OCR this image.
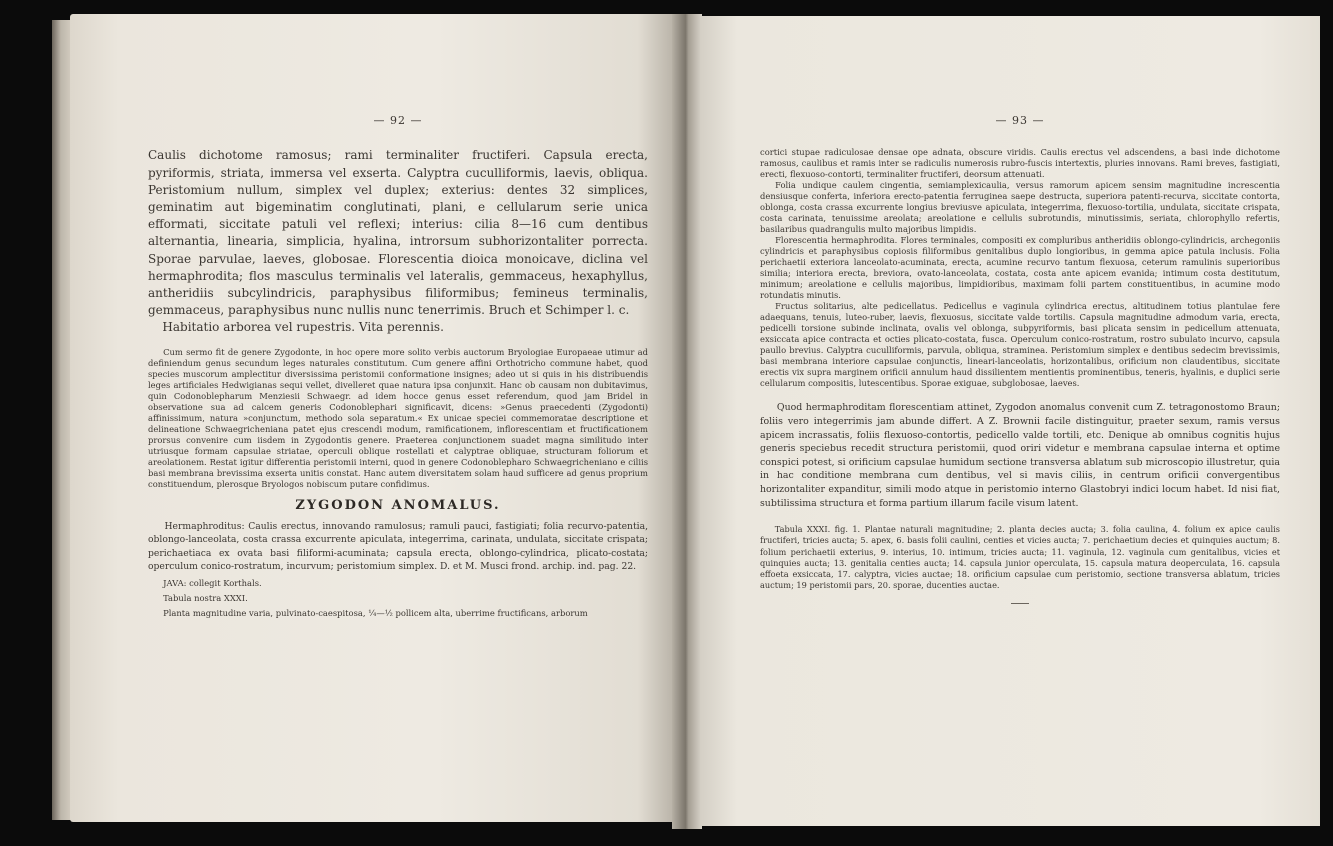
— 92 —

Caulis dichotome ramosus; rami terminaliter fructiferi. Capsula erecta, pyriformis, striata, immersa vel exserta. Calyptra cuculliformis, laevis, obliqua. Peristomium nullum, simplex vel duplex; exterius: dentes 32 simplices, geminatim aut bigeminatim conglutinati, plani, e cellularum serie unica efformati, siccitate patuli vel reflexi; interius: cilia 8—16 cum dentibus alternantia, linearia, simplicia, hyalina, introrsum subhorizontaliter porrecta. Sporae parvulae, laeves, globosae. Florescentia dioica monoicave, diclina vel hermaphrodita; flos masculus terminalis vel lateralis, gemmaceus, hexaphyllus, antheridiis subcylindricis, paraphysibus filiformibus; femineus terminalis, gemmaceus, paraphysibus nunc nullis nunc tenerrimis. Bruch et Schimper l. c.

Habitatio arborea vel rupestris. Vita perennis.

Cum sermo fit de genere Zygodonte, in hoc opere more solito verbis auctorum Bryologiae Europaeae utimur ad definiendum genus secundum leges naturales constitutum. Cum genere affini Orthotricho commune habet, quod species muscorum amplectitur diversissima peristomii conformatione insignes; adeo ut si quis in his distribuendis leges artificiales Hedwigianas sequi vellet, divelleret quae natura ipsa conjunxit. Hanc ob causam non dubitavimus, quin Codonoblepharum Menziesii Schwaegr. ad idem hocce genus esset referendum, quod jam Bridel in observatione sua ad calcem generis Codonoblephari significavit, dicens: »Genus praecedenti (Zygodonti) affinissimum, natura »conjunctum, methodo sola separatum.« Ex unicae speciei commemoratae descriptione et delineatione Schwaegricheniana patet ejus crescendi modum, ramificationem, inflorescentiam et fructificationem prorsus convenire cum iisdem in Zygodontis genere. Praeterea conjunctionem suadet magna similitudo inter utriusque formam capsulae striatae, operculi oblique rostellati et calyptrae obliquae, structuram foliorum et areolationem. Restat igitur differentia peristomii interni, quod in genere Codonoblepharo Schwaegricheniano e ciliis basi membrana brevissima exserta unitis constat. Hanc autem diversitatem solam haud sufficere ad genus proprium constituendum, plerosque Bryologos nobiscum putare confidimus.

ZYGODON ANOMALUS.

Hermaphroditus: Caulis erectus, innovando ramulosus; ramuli pauci, fastigiati; folia recurvo-patentia, oblongo-lanceolata, costa crassa excurrente apiculata, integerrima, carinata, undulata, siccitate crispata; perichaetiaca ex ovata basi filiformi-acuminata; capsula erecta, oblongo-cylindrica, plicato-costata; operculum conico-rostratum, incurvum; peristomium simplex. D. et M. Musci frond. archip. ind. pag. 22.

JAVA: collegit Korthals.

Tabula nostra XXXI.

Planta magnitudine varia, pulvinato-caespitosa, ¼—½ pollicem alta, uberrime fructificans, arborum

— 93 —

cortici stupae radiculosae densae ope adnata, obscure viridis. Caulis erectus vel adscendens, a basi inde dichotome ramosus, caulibus et ramis inter se radiculis numerosis rubro-fuscis intertextis, pluries innovans. Rami breves, fastigiati, erecti, flexuoso-contorti, terminaliter fructiferi, deorsum attenuati.

Folia undique caulem cingentia, semiamplexicaulia, versus ramorum apicem sensim magnitudine increscentia densiusque conferta, inferiora erecto-patentia ferruginea saepe destructa, superiora patenti-recurva, siccitate contorta, oblonga, costa crassa excurrente longius breviusve apiculata, integerrima, flexuoso-tortilia, undulata, siccitate crispata, costa carinata, tenuissime areolata; areolatione e cellulis subrotundis, minutissimis, seriata, chlorophyllo refertis, basilaribus quadrangulis multo majoribus limpidis.

Florescentia hermaphrodita. Flores terminales, compositi ex compluribus antheridiis oblongo-cylindricis, archegoniis cylindricis et paraphysibus copiosis filiformibus genitalibus duplo longioribus, in gemma apice patula inclusis. Folia perichaetii exteriora lanceolato-acuminata, erecta, acumine recurvo tantum flexuosa, ceterum ramulinis superioribus similia; interiora erecta, breviora, ovato-lanceolata, costata, costa ante apicem evanida; intimum costa destitutum, minimum; areolatione e cellulis majoribus, limpidioribus, maximam folii partem constituentibus, in acumine modo rotundatis minutis.

Fructus solitarius, alte pedicellatus. Pedicellus e vaginula cylindrica erectus, altitudinem totius plantulae fere adaequans, tenuis, luteo-ruber, laevis, flexuosus, siccitate valde tortilis. Capsula magnitudine admodum varia, erecta, pedicelli torsione subinde inclinata, ovalis vel oblonga, subpyriformis, basi plicata sensim in pedicellum attenuata, exsiccata apice contracta et octies plicato-costata, fusca. Operculum conico-rostratum, rostro subulato incurvo, capsula paullo brevius. Calyptra cuculliformis, parvula, obliqua, straminea. Peristomium simplex e dentibus sedecim brevissimis, basi membrana interiore capsulae conjunctis, lineari-lanceolatis, horizontalibus, orificium non claudentibus, siccitate erectis vix supra marginem orificii annulum haud dissilientem mentientis prominentibus, teneris, hyalinis, e duplici serie cellularum compositis, lutescentibus. Sporae exiguae, subglobosae, laeves.

Quod hermaphroditam florescentiam attinet, Zygodon anomalus convenit cum Z. tetragonostomo Braun; foliis vero integerrimis jam abunde differt. A Z. Brownii facile distinguitur, praeter sexum, ramis versus apicem incrassatis, foliis flexuoso-contortis, pedicello valde tortili, etc. Denique ab omnibus cognitis hujus generis speciebus recedit structura peristomii, quod oriri videtur e membrana capsulae interna et optime conspici potest, si orificium capsulae humidum sectione transversa ablatum sub microscopio illustretur, quia in hac conditione membrana cum dentibus, vel si mavis ciliis, in centrum orificii convergentibus horizontaliter expanditur, simili modo atque in peristomio interno Glastobryi indici locum habet. Id nisi fiat, subtilissima structura et forma partium illarum facile visum latent.

Tabula XXXI. fig. 1. Plantae naturali magnitudine; 2. planta decies aucta; 3. folia caulina, 4. folium ex apice caulis fructiferi, tricies aucta; 5. apex, 6. basis folii caulini, centies et vicies aucta; 7. perichaetium decies et quinquies auctum; 8. folium perichaetii exterius, 9. interius, 10. intimum, tricies aucta; 11. vaginula, 12. vaginula cum genitalibus, vicies et quinquies aucta; 13. genitalia centies aucta; 14. capsula junior operculata, 15. capsula matura deoperculata, 16. capsula effoeta exsiccata, 17. calyptra, vicies auctae; 18. orificium capsulae cum peristomio, sectione transversa ablatum, tricies auctum; 19 peristomii pars, 20. sporae, ducenties auctae.
